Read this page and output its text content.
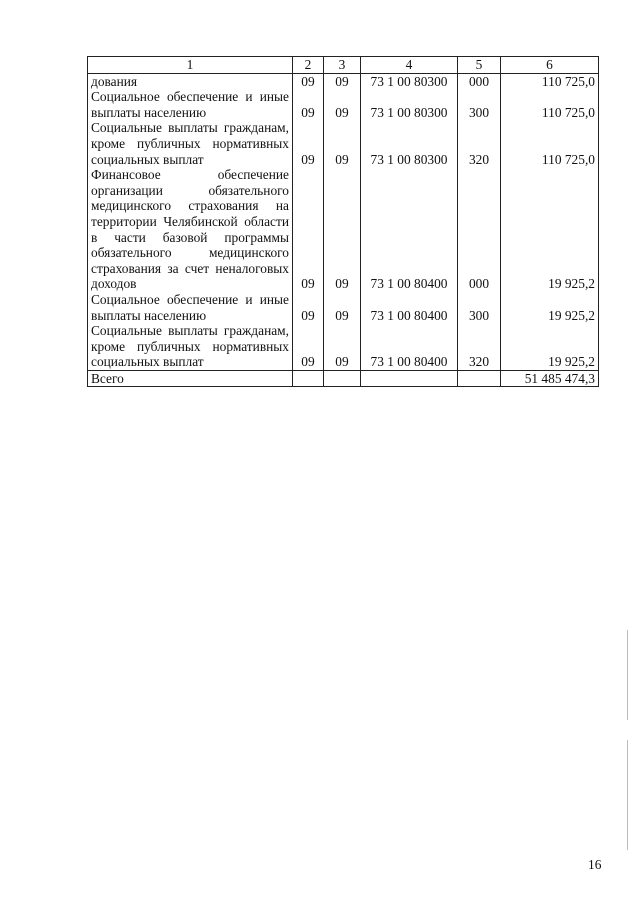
1	2	3	4	5	6
дования	09	09	73 1 00 80300	000	110 725,0
Социальное обеспечение и иные выплаты населению	09	09	73 1 00 80300	300	110 725,0
Социальные выплаты гражданам, кроме публичных нормативных социальных выплат	09	09	73 1 00 80300	320	110 725,0
Финансовое обеспечение организации обязательного медицинского страхования на территории Челябинской области в части базовой программы обязательного медицинского страхования за счет неналоговых доходов	09	09	73 1 00 80400	000	19 925,2
Социальное обеспечение и иные выплаты населению	09	09	73 1 00 80400	300	19 925,2
Социальные выплаты гражданам, кроме публичных нормативных социальных выплат	09	09	73 1 00 80400	320	19 925,2
Всего					51 485 474,3
16
